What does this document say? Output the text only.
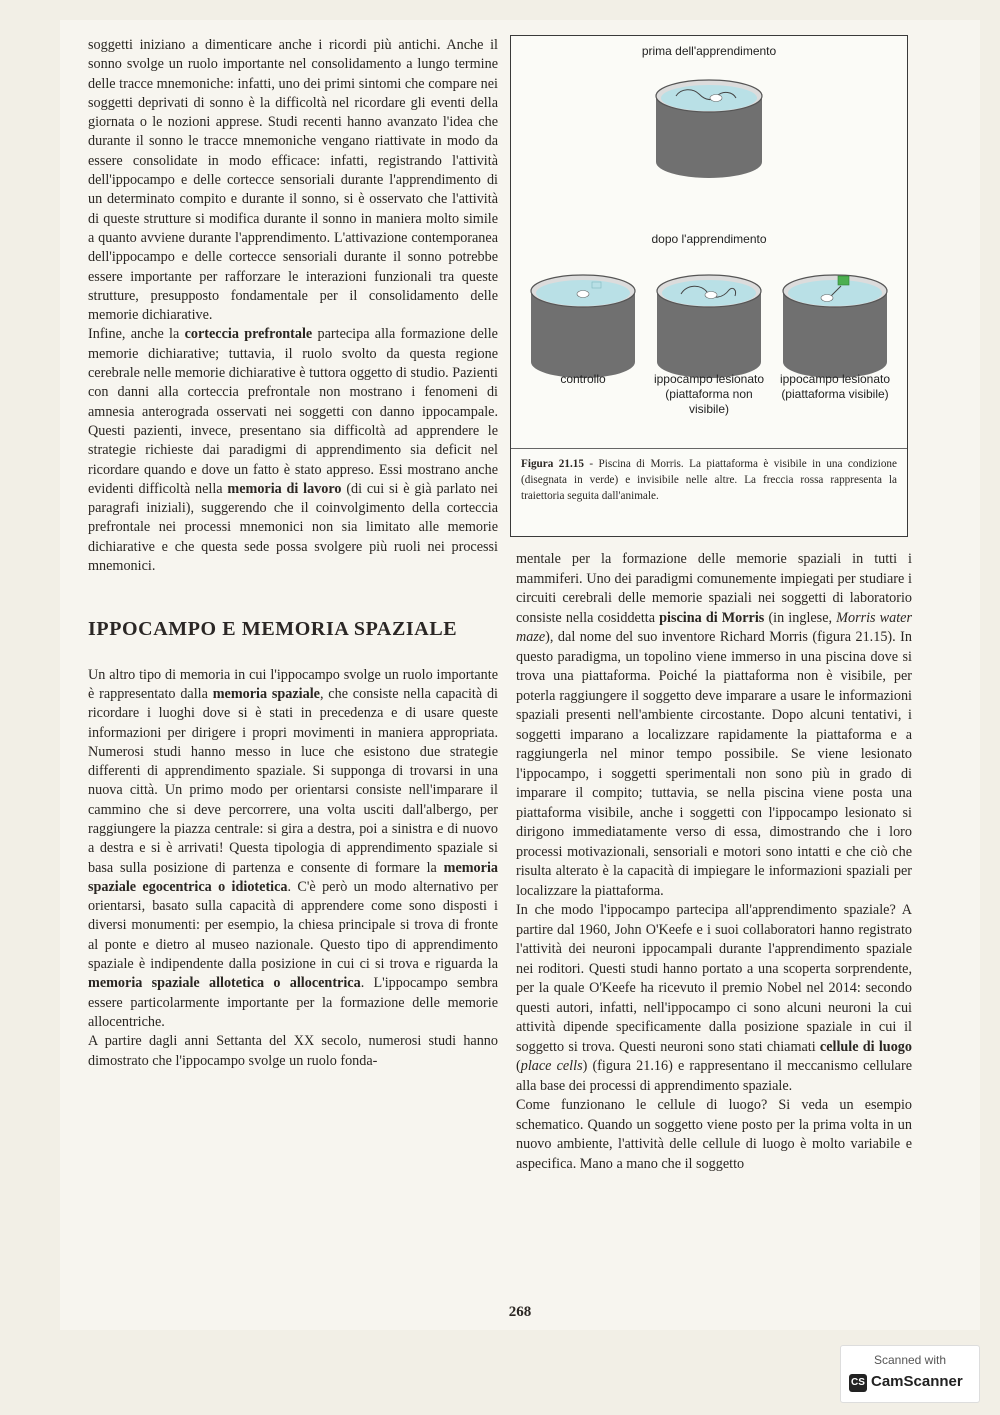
soggetti iniziano a dimenticare anche i ricordi più antichi. Anche il sonno svolge un ruolo importante nel consolidamento a lungo termine delle tracce mnemoniche: infatti, uno dei primi sintomi che compare nei soggetti deprivati di sonno è la difficoltà nel ricordare gli eventi della giornata o le nozioni apprese. Studi recenti hanno avanzato l'idea che durante il sonno le tracce mnemoniche vengano riattivate in modo da essere consolidate in modo efficace: infatti, registrando l'attività dell'ippocampo e delle cortecce sensoriali durante l'apprendimento di un determinato compito e durante il sonno, si è osservato che l'attività di queste strutture si modifica durante il sonno in maniera molto simile a quanto avviene durante l'apprendimento. L'attivazione contemporanea dell'ippocampo e delle cortecce sensoriali durante il sonno potrebbe essere importante per rafforzare le interazioni funzionali tra queste strutture, presupposto fondamentale per il consolidamento delle memorie dichiarative.

Infine, anche la corteccia prefrontale partecipa alla formazione delle memorie dichiarative; tuttavia, il ruolo svolto da questa regione cerebrale nelle memorie dichiarative è tuttora oggetto di studio. Pazienti con danni alla corteccia prefrontale non mostrano i fenomeni di amnesia anterograda osservati nei soggetti con danno ippocampale. Questi pazienti, invece, presentano sia difficoltà ad apprendere le strategie richieste dai paradigmi di apprendimento sia deficit nel ricordare quando e dove un fatto è stato appreso. Essi mostrano anche evidenti difficoltà nella memoria di lavoro (di cui si è già parlato nei paragrafi iniziali), suggerendo che il coinvolgimento della corteccia prefrontale nei processi mnemonici non sia limitato alle memorie dichiarative e che questa sede possa svolgere più ruoli nei processi mnemonici.

IPPOCAMPO E MEMORIA SPAZIALE

Un altro tipo di memoria in cui l'ippocampo svolge un ruolo importante è rappresentato dalla memoria spaziale, che consiste nella capacità di ricordare i luoghi dove si è stati in precedenza e di usare queste informazioni per dirigere i propri movimenti in maniera appropriata. Numerosi studi hanno messo in luce che esistono due strategie differenti di apprendimento spaziale. Si supponga di trovarsi in una nuova città. Un primo modo per orientarsi consiste nell'imparare il cammino che si deve percorrere, una volta usciti dall'albergo, per raggiungere la piazza centrale: si gira a destra, poi a sinistra e di nuovo a destra e si è arrivati! Questa tipologia di apprendimento spaziale si basa sulla posizione di partenza e consente di formare la memoria spaziale egocentrica o idiotetica. C'è però un modo alternativo per orientarsi, basato sulla capacità di apprendere come sono disposti i diversi monumenti: per esempio, la chiesa principale si trova di fronte al ponte e dietro al museo nazionale. Questo tipo di apprendimento spaziale è indipendente dalla posizione in cui ci si trova e riguarda la memoria spaziale allotetica o allocentrica. L'ippocampo sembra essere particolarmente importante per la formazione delle memorie allocentriche.

A partire dagli anni Settanta del XX secolo, numerosi studi hanno dimostrato che l'ippocampo svolge un ruolo fonda-

prima dell'apprendimento
dopo l'apprendimento
controllo	ippocampo lesionato (piattaforma non visibile)
ippocampo lesionato (piattaforma visibile)
Figura 21.15 - Piscina di Morris. La piattaforma è visibile in una condizione (disegnata in verde) e invisibile nelle altre. La freccia rossa rappresenta la traiettoria seguita dall'animale.

mentale per la formazione delle memorie spaziali in tutti i mammiferi. Uno dei paradigmi comunemente impiegati per studiare i circuiti cerebrali delle memorie spaziali nei soggetti di laboratorio consiste nella cosiddetta piscina di Morris (in inglese, Morris water maze), dal nome del suo inventore Richard Morris (figura 21.15). In questo paradigma, un topolino viene immerso in una piscina dove si trova una piattaforma. Poiché la piattaforma non è visibile, per poterla raggiungere il soggetto deve imparare a usare le informazioni spaziali presenti nell'ambiente circostante. Dopo alcuni tentativi, i soggetti imparano a localizzare rapidamente la piattaforma e a raggiungerla nel minor tempo possibile. Se viene lesionato l'ippocampo, i soggetti sperimentali non sono più in grado di imparare il compito; tuttavia, se nella piscina viene posta una piattaforma visibile, anche i soggetti con l'ippocampo lesionato si dirigono immediatamente verso di essa, dimostrando che i loro processi motivazionali, sensoriali e motori sono intatti e che ciò che risulta alterato è la capacità di impiegare le informazioni spaziali per localizzare la piattaforma.

In che modo l'ippocampo partecipa all'apprendimento spaziale? A partire dal 1960, John O'Keefe e i suoi collaboratori hanno registrato l'attività dei neuroni ippocampali durante l'apprendimento spaziale nei roditori. Questi studi hanno portato a una scoperta sorprendente, per la quale O'Keefe ha ricevuto il premio Nobel nel 2014: secondo questi autori, infatti, nell'ippocampo ci sono alcuni neuroni la cui attività dipende specificamente dalla posizione spaziale in cui il soggetto si trova. Questi neuroni sono stati chiamati cellule di luogo (place cells) (figura 21.16) e rappresentano il meccanismo cellulare alla base dei processi di apprendimento spaziale.

Come funzionano le cellule di luogo? Si veda un esempio schematico. Quando un soggetto viene posto per la prima volta in un nuovo ambiente, l'attività delle cellule di luogo è molto variabile e aspecifica. Mano a mano che il soggetto

268
Scanned with
CS CamScanner
